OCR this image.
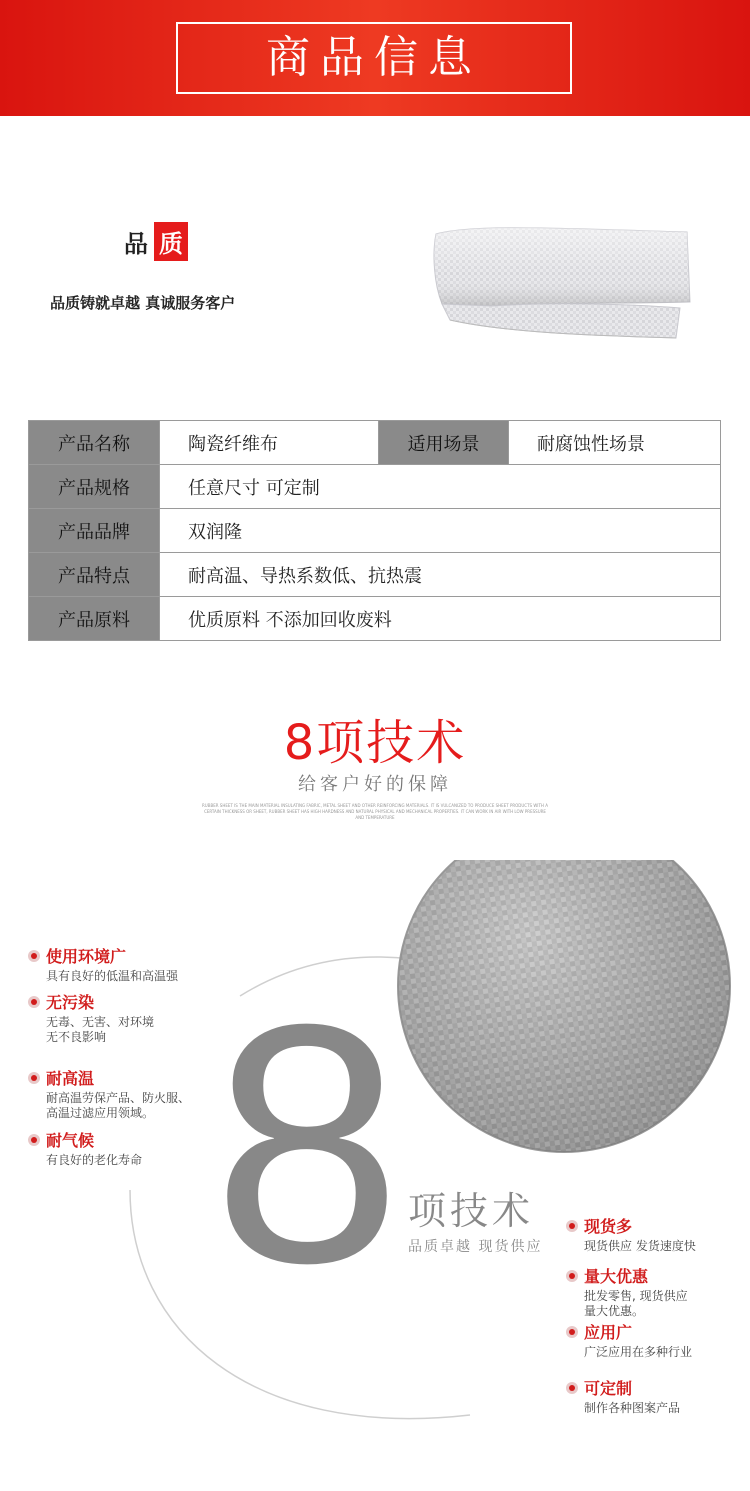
商品信息
品 质
品质铸就卓越 真诚服务客户
产品名称	陶瓷纤维布	适用场景	耐腐蚀性场景
产品规格	任意尺寸 可定制		
产品品牌	双润隆		
产品特点	耐高温、导热系数低、抗热震		
产品原料	优质原料 不添加回收废料		
8项技术
给客户好的保障
RUBBER SHEET IS THE MAIN MATERIAL INSULATING FABRIC, METAL SHEET AND OTHER REINFORCING MATERIALS. IT IS VULCANIZED TO PRODUCE SHEET PRODUCTS WITH A CERTAIN THICKNESS OR SHEET, RUBBER SHEET HAS HIGH HARDNESS AND NATURAL PHYSICAL AND MECHANICAL PROPERTIES. IT CAN WORK IN AIR WITH LOW PRESSURE AND TEMPERATURE
8 项技术
品质卓越 现货供应
使用环境广
具有良好的低温和高温强
无污染
无毒、无害、对环境
无不良影响
耐高温
耐高温劳保产品、防火服、
高温过滤应用领域。
耐气候
有良好的老化寿命
现货多
现货供应 发货速度快
量大优惠
批发零售, 现货供应
量大优惠。
应用广
广泛应用在多种行业
可定制
制作各种图案产品
